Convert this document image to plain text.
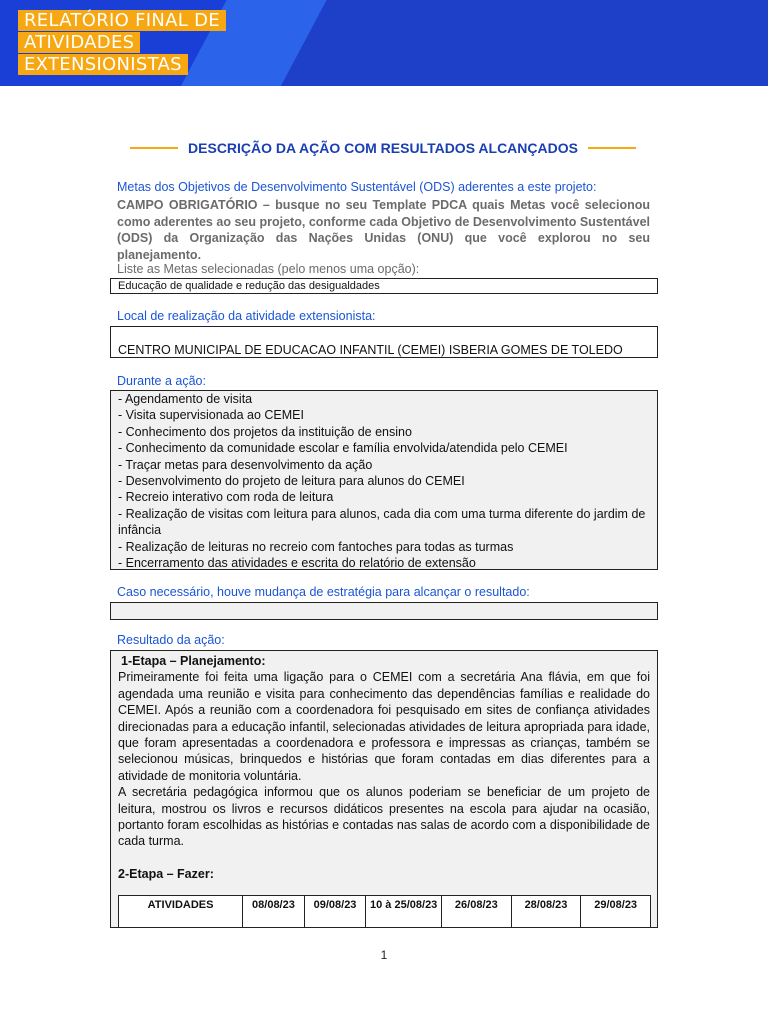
RELATÓRIO FINAL DE
ATIVIDADES
EXTENSIONISTAS
DESCRIÇÃO DA AÇÃO COM RESULTADOS ALCANÇADOS
Metas dos Objetivos de Desenvolvimento Sustentável (ODS) aderentes a este projeto:
CAMPO OBRIGATÓRIO – busque no seu Template PDCA quais Metas você selecionou como aderentes ao seu projeto, conforme cada Objetivo de Desenvolvimento Sustentável (ODS) da Organização das Nações Unidas (ONU) que você explorou no seu planejamento.
Liste as Metas selecionadas (pelo menos uma opção):
Educação de qualidade e redução das desigualdades
Local de realização da atividade extensionista:
CENTRO MUNICIPAL DE EDUCACAO INFANTIL (CEMEI) ISBERIA GOMES DE TOLEDO
Durante a ação:
- Agendamento de visita
- Visita supervisionada ao CEMEI
- Conhecimento dos projetos da instituição de ensino
- Conhecimento da comunidade escolar e família envolvida/atendida pelo CEMEI
- Traçar metas para desenvolvimento da ação
- Desenvolvimento do projeto de leitura para alunos do CEMEI
- Recreio interativo com roda de leitura
- Realização de visitas com leitura para alunos, cada dia com uma turma diferente do jardim de infância
- Realização de leituras no recreio com fantoches para todas as turmas
- Encerramento das atividades e escrita do relatório de extensão
Caso necessário, houve mudança de estratégia para alcançar o resultado:
Resultado da ação:

1-Etapa – Planejamento:

Primeiramente foi feita uma ligação para o CEMEI com a secretária Ana flávia, em que foi agendada uma reunião e visita para conhecimento das dependências famílias e realidade do CEMEI. Após a reunião com a coordenadora foi pesquisado em sites de confiança atividades direcionadas para a educação infantil, selecionadas atividades de leitura apropriada para idade, que foram apresentadas a coordenadora e professora e impressas as crianças, também se selecionou músicas, brinquedos e histórias que foram contadas em dias diferentes para a atividade de monitoria voluntária.

A secretária pedagógica informou que os alunos poderiam se beneficiar de um projeto de leitura, mostrou os livros e recursos didáticos presentes na escola para ajudar na ocasião, portanto foram escolhidas as histórias e contadas nas salas de acordo com a disponibilidade de cada turma.

2-Etapa – Fazer:

ATIVIDADES	08/08/23	09/08/23	10 à 25/08/23	26/08/23	28/08/23	29/08/23
1
